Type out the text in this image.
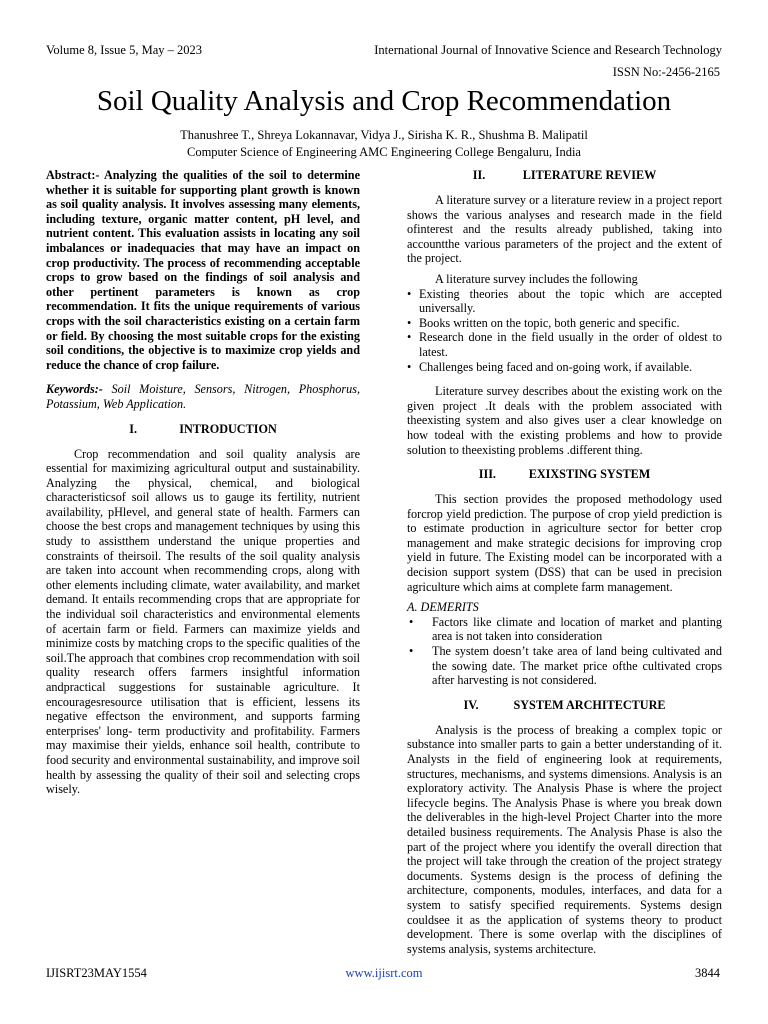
Volume 8, Issue 5, May – 2023	International Journal of Innovative Science and Research Technology
ISSN No:-2456-2165
Soil Quality Analysis and Crop Recommendation
Thanushree T., Shreya Lokannavar, Vidya J., Sirisha K. R., Shushma B. Malipatil
Computer Science of Engineering AMC Engineering College Bengaluru, India

Abstract:- Analyzing the qualities of the soil to determine whether it is suitable for supporting plant growth is known as soil quality analysis. It involves assessing many elements, including texture, organic matter content, pH level, and nutrient content. This evaluation assists in locating any soil imbalances or inadequacies that may have an impact on crop productivity. The process of recommending acceptable crops to grow based on the findings of soil analysis and other pertinent parameters is known as crop recommendation. It fits the unique requirements of various crops with the soil characteristics existing on a certain farm or field. By choosing the most suitable crops for the existing soil conditions, the objective is to maximize crop yields and reduce the chance of crop failure.

Keywords:- Soil Moisture, Sensors, Nitrogen, Phosphorus, Potassium, Web Application.

I.	INTRODUCTION

Crop recommendation and soil quality analysis are essential for maximizing agricultural output and sustainability. Analyzing the physical, chemical, and biological characteristicsof soil allows us to gauge its fertility, nutrient availability, pHlevel, and general state of health. Farmers can choose the best crops and management techniques by using this study to assistthem understand the unique properties and constraints of theirsoil. The results of the soil quality analysis are taken into account when recommending crops, along with other elements including climate, water availability, and market demand. It entails recommending crops that are appropriate for the individual soil characteristics and environmental elements of acertain farm or field. Farmers can maximize yields and minimize costs by matching crops to the specific qualities of the soil.The approach that combines crop recommendation with soil quality research offers farmers insightful information andpractical suggestions for sustainable agriculture. It encouragesresource utilisation that is efficient, lessens its negative effectson the environment, and supports farming enterprises' long- term productivity and profitability. Farmers may maximise their yields, enhance soil health, contribute to food security and environmental sustainability, and improve soil health by assessing the quality of their soil and selecting crops wisely.

II.	LITERATURE REVIEW

A literature survey or a literature review in a project report shows the various analyses and research made in the field ofinterest and the results already published, taking into accountthe various parameters of the project and the extent of the project.

A literature survey includes the following

• Existing theories about the topic which are accepted universally.
• Books written on the topic, both generic and specific.
• Research done in the field usually in the order of oldest to latest.
• Challenges being faced and on-going work, if available.

Literature survey describes about the existing work on the given project .It deals with the problem associated with theexisting system and also gives user a clear knowledge on how todeal with the existing problems and how to provide solution to theexisting problems .different thing.

III.	EXIXSTING SYSTEM

This section provides the proposed methodology used forcrop yield prediction. The purpose of crop yield prediction is to estimate production in agriculture sector for better crop management and make strategic decisions for improving crop yield in future. The Existing model can be incorporated with a decision support system (DSS) that can be used in precision agriculture which aims at complete farm management.

A. DEMERITS

• Factors like climate and location of market and planting area is not taken into consideration
• The system doesn’t take area of land being cultivated and the sowing date. The market price ofthe cultivated crops after harvesting is not considered.
IV.	SYSTEM ARCHITECTURE

Analysis is the process of breaking a complex topic or substance into smaller parts to gain a better understanding of it. Analysts in the field of engineering look at requirements, structures, mechanisms, and systems dimensions. Analysis is an exploratory activity. The Analysis Phase is where the project lifecycle begins. The Analysis Phase is where you break down the deliverables in the high-level Project Charter into the more detailed business requirements. The Analysis Phase is also the part of the project where you identify the overall direction that the project will take through the creation of the project strategy documents. Systems design is the process of defining the architecture, components, modules, interfaces, and data for a system to satisfy specified requirements. Systems design couldsee it as the application of systems theory to product development. There is some overlap with the disciplines of systems analysis, systems architecture.

IJISRT23MAY1554	www.ijisrt.com	3844
